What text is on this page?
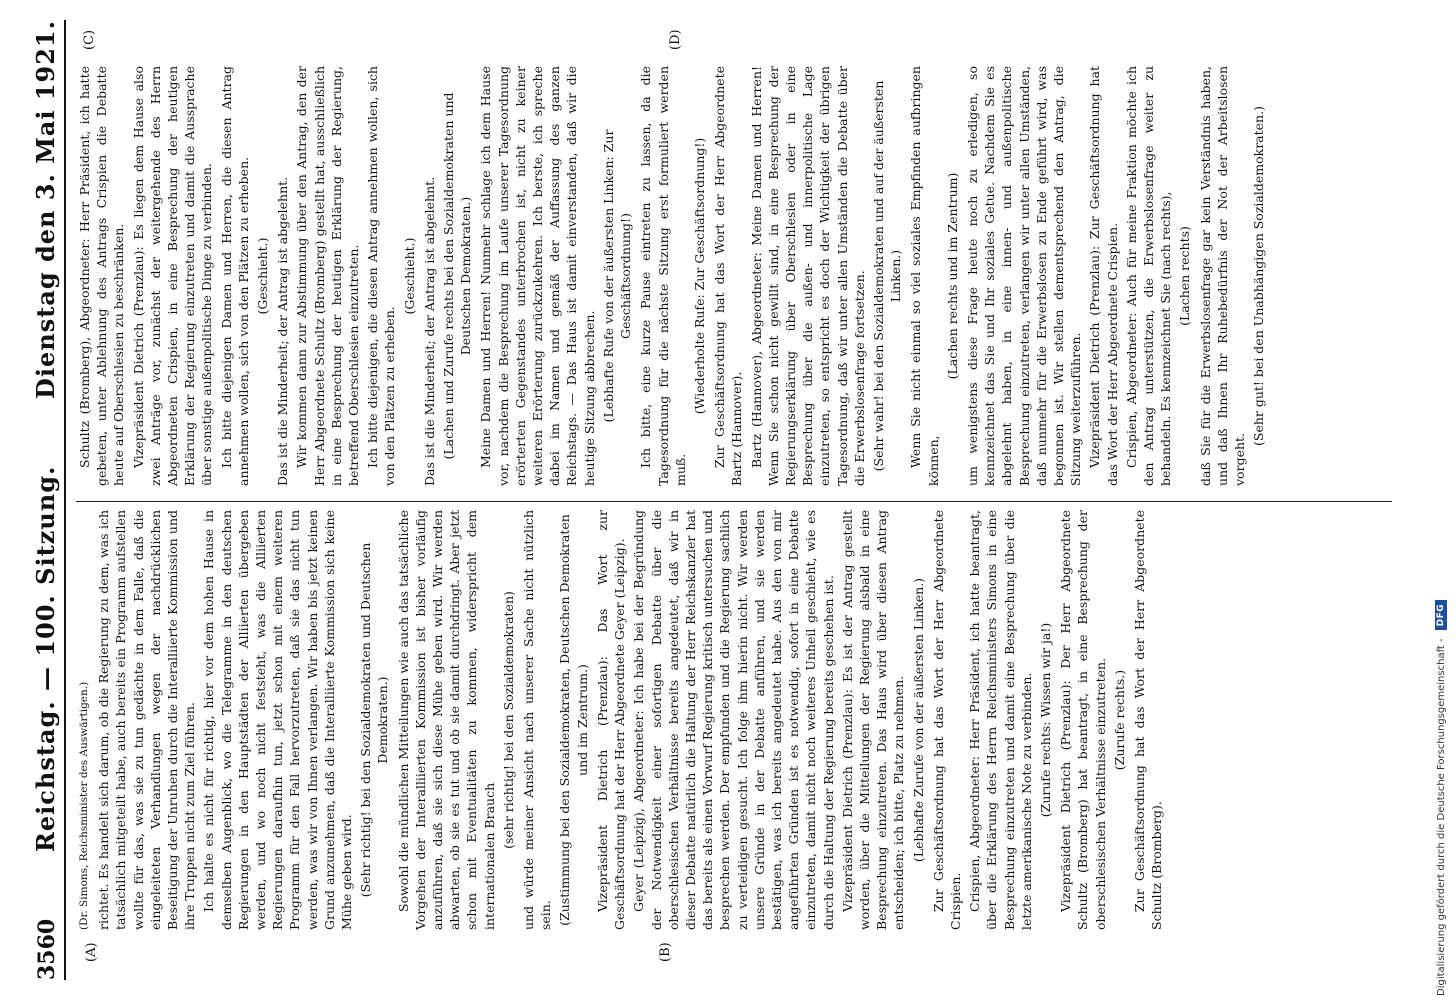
Digitalisierung gefördert durch die Deutsche Forschungsgemeinschaft -
DFG
3560
Reichstag. — 100. Sitzung.
Dienstag den 3. Mai 1921.
(A)	(B)
(C)	(D)

(Dr. Simons, Reichsminister des Auswärtigen.) richtet. Es handelt sich darum, ob die Regierung zu dem, was ich tatsächlich mitgeteilt habe, auch bereits ein Programm aufstellen wollte für das, was sie zu tun gedächte in dem Falle, daß die eingeleiteten Verhandlungen wegen der nachdrücklichen Beseitigung der Unruhen durch die Interalliierte Kommission und ihre Truppen nicht zum Ziel führen. Ich halte es nicht für richtig, hier vor dem hohen Hause in demselben Augenblick, wo die Telegramme in den deutschen Regierungen in den Hauptstädten der Alliierten übergeben werden, und wo noch nicht feststeht, was die Alliierten Regierungen daraufhin tun, jetzt schon mit einem weiteren Programm für den Fall hervorzutreten, daß sie das nicht tun werden, was wir von Ihnen verlangen. Wir haben bis jetzt keinen Grund anzunehmen, daß die Interalliierte Kommission sich keine Mühe geben wird. (Sehr richtig! bei den Sozialdemokraten und Deutschen Demokraten.) Sowohl die mündlichen Mitteilungen wie auch das tatsächliche Vorgehen der Interalliierten Kommission ist bisher vorläufig anzuführen, daß sie sich diese Mühe geben wird. Wir werden abwarten, ob sie es tut und ob sie damit durchdringt. Aber jetzt schon mit Eventualitäten zu kommen, widerspricht dem internationalen Brauch

(sehr richtig! bei den Sozialdemokraten) und würde meiner Ansicht nach unserer Sache nicht nützlich sein. (Zustimmung bei den Sozialdemokraten, Deutschen Demokraten und im Zentrum.) Vizepräsident Dietrich (Prenzlau): Das Wort zur Geschäftsordnung hat der Herr Abgeordnete Geyer (Leipzig). Geyer (Leipzig), Abgeordneter: Ich habe bei der Begründung der Notwendigkeit einer sofortigen Debatte über die oberschlesischen Verhältnisse bereits angedeutet, daß wir in dieser Debatte natürlich die Haltung der Herr Reichskanzler hat das bereits als einen Vorwurf Regierung kritisch untersuchen und besprechen werden. Der empfunden und die Regierung sachlich zu verteidigen gesucht. Ich folge ihm hierin nicht. Wir werden unsere Gründe in der Debatte anführen, und sie werden bestätigen, was ich bereits angedeutet habe. Aus den von mir angeführten Gründen ist es notwendig, sofort in eine Debatte einzutreten, damit nicht noch weiteres Unheil geschieht, wie es durch die Haltung der Regierung bereits geschehen ist. Vizepräsident Dietrich (Prenzlau): Es ist der Antrag gestellt worden, über die Mitteilungen der Regierung alsbald in eine Besprechung einzutreten. Das Haus wird über diesen Antrag entscheiden; ich bitte, Platz zu nehmen. (Lebhafte Zurufe von der äußersten Linken.) Zur Geschäftsordnung hat das Wort der Herr Abgeordnete Crispien. Crispien, Abgeordneter: Herr Präsident, ich hatte beantragt, über die Erklärung des Herrn Reichsministers Simons in eine Besprechung einzutreten und damit eine Besprechung über die letzte amerikanische Note zu verbinden. (Zurufe rechts: Wissen wir ja!) Vizepräsident Dietrich (Prenzlau): Der Herr Abgeordnete Schultz (Bromberg) hat beantragt, in eine Besprechung der oberschlesischen Verhältnisse einzutreten. (Zurufe rechts.) Zur Geschäftsordnung hat das Wort der Herr Abgeordnete Schultz (Bromberg).

Schultz (Bromberg), Abgeordneter: Herr Präsident, ich hatte gebeten, unter Ablehnung des Antrags Crispien die Debatte heute auf Oberschlesien zu beschränken. Vizepräsident Dietrich (Prenzlau): Es liegen dem Hause also zwei Anträge vor, zunächst der weitergehende des Herrn Abgeordneten Crispien, in eine Besprechung der heutigen Erklärung der Regierung einzutreten und damit die Aussprache über sonstige außenpolitische Dinge zu verbinden. Ich bitte diejenigen Damen und Herren, die diesen Antrag annehmen wollen, sich von den Plätzen zu erheben. (Geschieht.) Das ist die Minderheit; der Antrag ist abgelehnt. Wir kommen dann zur Abstimmung über den Antrag, den der Herr Abgeordnete Schultz (Bromberg) gestellt hat, ausschließlich in eine Besprechung der heutigen Erklärung der Regierung, betreffend Oberschlesien einzutreten. Ich bitte diejenigen, die diesen Antrag annehmen wollen, sich von den Plätzen zu erheben.

(Geschieht.) Das ist die Minderheit; der Antrag ist abgelehnt. (Lachen und Zurufe rechts bei den Sozialdemokraten und Deutschen Demokraten.) Meine Damen und Herren! Nunmehr schlage ich dem Hause vor, nachdem die Besprechung im Laufe unserer Tagesordnung erörterten Gegenstandes unterbrochen ist, nicht zu keiner weiteren Erörterung zurückzukehren. Ich berste, ich spreche dabei im Namen und gemäß der Auffassung des ganzen Reichstags. — Das Haus ist damit einverstanden, daß wir die heutige Sitzung abbrechen. (Lebhafte Rufe von der äußersten Linken: Zur Geschäftsordnung!) Ich bitte, eine kurze Pause eintreten zu lassen, da die Tagesordnung für die nächste Sitzung erst formuliert werden muß.

(Wiederholte Rufe: Zur Geschäftsordnung!) Zur Geschäftsordnung hat das Wort der Herr Abgeordnete Bartz (Hannover). Bartz (Hannover), Abgeordneter: Meine Damen und Herren! Wenn Sie schon nicht gewillt sind, in eine Besprechung der Regierungserklärung über Oberschlesien oder in eine Besprechung über die außen- und innerpolitische Lage einzutreten, so entspricht es doch der Wichtigkeit der übrigen Tagesordnung, daß wir unter allen Umständen die Debatte über die Erwerbslosenfrage fortsetzen. (Sehr wahr! bei den Sozialdemokraten und auf der äußersten Linken.) Wenn Sie nicht einmal so viel soziales Empfinden aufbringen können,

(Lachen rechts und im Zentrum) um wenigstens diese Frage heute noch zu erledigen, so kennzeichnet das Sie und Ihr soziales Getue. Nachdem Sie es abgelehnt haben, in eine innen- und außenpolitische Besprechung einzutreten, verlangen wir unter allen Umständen, daß nunmehr für die Erwerbslosen zu Ende geführt wird, was begonnen ist. Wir stellen dementsprechend den Antrag, die Sitzung weiterzuführen. Vizepräsident Dietrich (Prenzlau): Zur Geschäftsordnung hat das Wort der Herr Abgeordnete Crispien. Crispien, Abgeordneter: Auch für meine Fraktion möchte ich den Antrag unterstützen, die Erwerbslosenfrage weiter zu behandeln. Es kennzeichnet Sie (nach rechts), (Lachen rechts) daß Sie für die Erwerbslosenfrage gar kein Verständnis haben, und daß Ihnen Ihr Ruhebedürfnis der Not der Arbeitslosen vorgeht.

(Sehr gut! bei den Unabhängigen Sozialdemokraten.)
